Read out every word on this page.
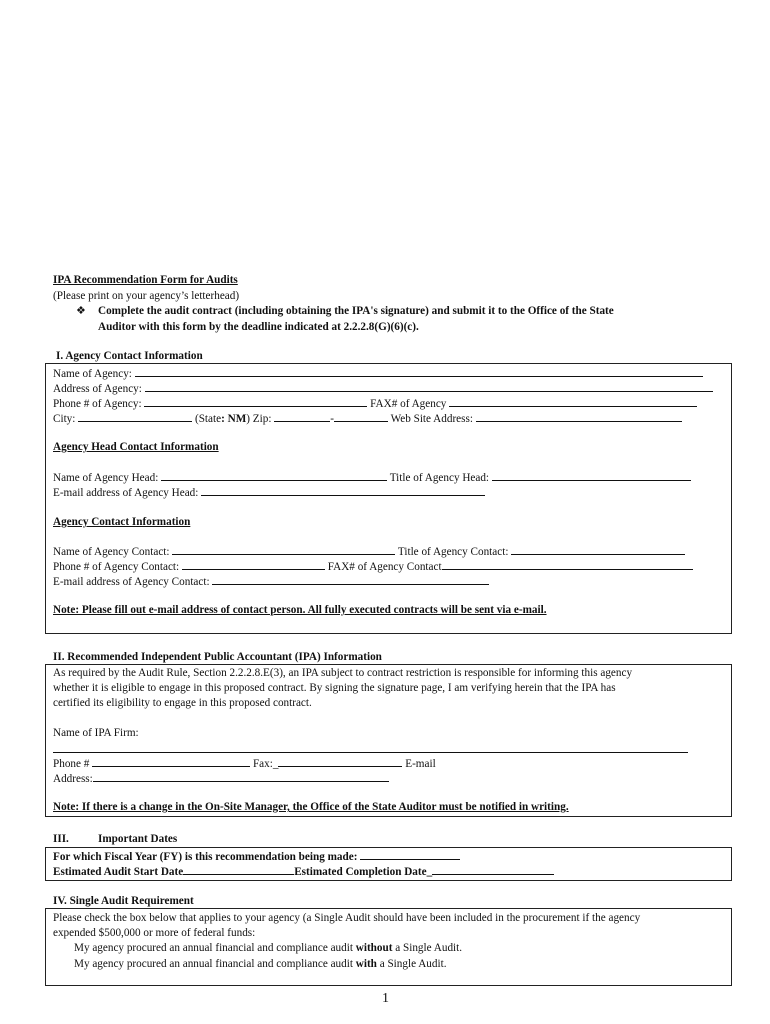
IPA Recommendation Form for Audits
(Please print on your agency’s letterhead)
❖ Complete the audit contract (including obtaining the IPA's signature) and submit it to the Office of the State
Auditor with this form by the deadline indicated at 2.2.2.8(G)(6)(c).
I. Agency Contact Information
Name of Agency:
Address of Agency:
Phone # of Agency:	FAX# of Agency
City:	(State: NM) Zip:	-	Web Site Address:
Agency Head Contact Information
Name of Agency Head:	Title of Agency Head:
E-mail address of Agency Head:
Agency Contact Information
Name of Agency Contact:	Title of Agency Contact:
Phone # of Agency Contact:	FAX# of Agency Contact
E-mail address of Agency Contact:
Note: Please fill out e-mail address of contact person. All fully executed contracts will be sent via e-mail.
II. Recommended Independent Public Accountant (IPA) Information
As required by the Audit Rule, Section 2.2.2.8.E(3), an IPA subject to contract restriction is responsible for informing this agency
whether it is eligible to engage in this proposed contract. By signing the signature page, I am verifying herein that the IPA has
certified its eligibility to engage in this proposed contract.
Name of IPA Firm:
Phone #	Fax:_	E-mail
Address:
Note: If there is a change in the On-Site Manager, the Office of the State Auditor must be notified in writing.
III.	Important Dates
For which Fiscal Year (FY) is this recommendation being made:
Estimated Audit Start Date	Estimated Completion Date_
IV. Single Audit Requirement
Please check the box below that applies to your agency (a Single Audit should have been included in the procurement if the agency
expended $500,000 or more of federal funds:
My agency procured an annual financial and compliance audit without a Single Audit.
My agency procured an annual financial and compliance audit with a Single Audit.
1
